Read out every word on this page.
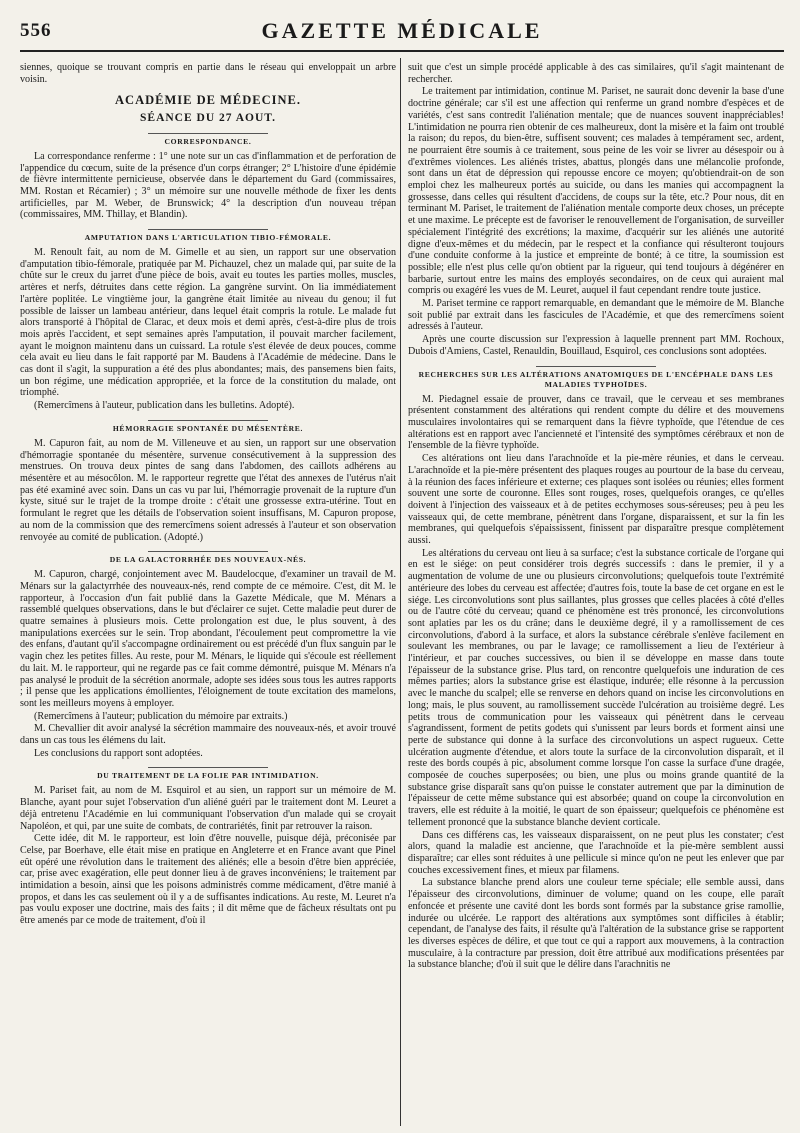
556	GAZETTE MÉDICALE

siennes, quoique se trouvant compris en partie dans le réseau qui enveloppait un arbre voisin.

ACADÉMIE DE MÉDECINE.
SÉANCE DU 27 AOUT.
CORRESPONDANCE.

La correspondance renferme : 1° une note sur un cas d'inflammation et de perforation de l'appendice du cœcum, suite de la présence d'un corps étranger; 2° L'histoire d'une épidémie de fièvre intermittente pernicieuse, observée dans le département du Gard (commissaires, MM. Rostan et Récamier) ; 3° un mémoire sur une nouvelle méthode de fixer les dents artificielles, par M. Weber, de Brunswick; 4° la description d'un nouveau trépan (commissaires, MM. Thillay, et Blandin).

AMPUTATION DANS L'ARTICULATION TIBIO-FÉMORALE.

M. Renoult fait, au nom de M. Gimelle et au sien, un rapport sur une observation d'amputation tibio-fémorale, pratiquée par M. Pichauzel, chez un malade qui, par suite de la chûte sur le creux du jarret d'une pièce de bois, avait eu toutes les parties molles, muscles, artères et nerfs, détruites dans cette région. La gangrène survint. On lia immédiatement l'artère poplitée. Le vingtième jour, la gangrène était limitée au niveau du genou; il fut possible de laisser un lambeau antérieur, dans lequel était compris la rotule. Le malade fut alors transporté à l'hôpital de Clarac, et deux mois et demi après, c'est-à-dire plus de trois mois après l'accident, et sept semaines après l'amputation, il pouvait marcher facilement, ayant le moignon maintenu dans un cuissard. La rotule s'est élevée de deux pouces, comme cela avait eu lieu dans le fait rapporté par M. Baudens à l'Académie de médecine. Dans le cas dont il s'agit, la suppuration a été des plus abondantes; mais, des pansemens bien faits, un bon régime, une médication appropriée, et la force de la constitution du malade, ont triomphé.

(Remercîmens à l'auteur, publication dans les bulletins. Adopté).

HÉMORRAGIE SPONTANÉE DU MÉSENTÈRE.

M. Capuron fait, au nom de M. Villeneuve et au sien, un rapport sur une observation d'hémorragie spontanée du mésentère, survenue consécutivement à la suppression des menstrues. On trouva deux pintes de sang dans l'abdomen, des caillots adhérens au mésentère et au mésocôlon. M. le rapporteur regrette que l'état des annexes de l'utérus n'ait pas été examiné avec soin. Dans un cas vu par lui, l'hémorragie provenait de la rupture d'un kyste, situé sur le trajet de la trompe droite : c'était une grossesse extra-utérine. Tout en formulant le regret que les détails de l'observation soient insuffisans, M. Capuron propose, au nom de la commission que des remercîmens soient adressés à l'auteur et son observation renvoyée au comité de publication. (Adopté.)

DE LA GALACTORRHÉE DES NOUVEAUX-NÉS.

M. Capuron, chargé, conjointement avec M. Baudelocque, d'examiner un travail de M. Ménars sur la galactyrrhée des nouveaux-nés, rend compte de ce mémoire. C'est, dit M. le rapporteur, à l'occasion d'un fait publié dans la Gazette Médicale, que M. Ménars a rassemblé quelques observations, dans le but d'éclairer ce sujet. Cette maladie peut durer de quatre semaines à plusieurs mois. Cette prolongation est due, le plus souvent, à des manipulations exercées sur le sein. Trop abondant, l'écoulement peut compromettre la vie des enfans, d'autant qu'il s'accompagne ordinairement ou est précédé d'un flux sanguin par le vagin chez les petites filles. Au reste, pour M. Ménars, le liquide qui s'écoule est réellement du lait. M. le rapporteur, qui ne regarde pas ce fait comme démontré, puisque M. Ménars n'a pas analysé le produit de la sécrétion anormale, adopte ses idées sous tous les autres rapports ; il pense que les applications émollientes, l'éloignement de toute excitation des mamelons, sont les meilleurs moyens à employer.

(Remercîmens à l'auteur; publication du mémoire par extraits.)

M. Chevallier dit avoir analysé la sécrétion mammaire des nouveaux-nés, et avoir trouvé dans un cas tous les élémens du lait.

Les conclusions du rapport sont adoptées.

DU TRAITEMENT DE LA FOLIE PAR INTIMIDATION.

M. Pariset fait, au nom de M. Esquirol et au sien, un rapport sur un mémoire de M. Blanche, ayant pour sujet l'observation d'un aliéné guéri par le traitement dont M. Leuret a déjà entretenu l'Académie en lui communiquant l'observation d'un malade qui se croyait Napoléon, et qui, par une suite de combats, de contrariétés, finit par retrouver la raison.

Cette idée, dit M. le rapporteur, est loin d'être nouvelle, puisque déjà, préconisée par Celse, par Boerhave, elle était mise en pratique en Angleterre et en France avant que Pinel eût opéré une révolution dans le traitement des aliénés; elle a besoin d'être bien appréciée, car, prise avec exagération, elle peut donner lieu à de graves inconvéniens; le traitement par intimidation a besoin, ainsi que les poisons administrés comme médicament, d'être manié à propos, et dans les cas seulement où il y a de suffisantes indications. Au reste, M. Leuret n'a pas voulu exposer une doctrine, mais des faits ; il dit même que de fâcheux résultats ont pu être amenés par ce mode de traitement, d'où il

suit que c'est un simple procédé applicable à des cas similaires, qu'il s'agit maintenant de rechercher.

Le traitement par intimidation, continue M. Pariset, ne saurait donc devenir la base d'une doctrine générale; car s'il est une affection qui renferme un grand nombre d'espèces et de variétés, c'est sans contredit l'aliénation mentale; que de nuances souvent inappréciables! L'intimidation ne pourra rien obtenir de ces malheureux, dont la misère et la faim ont troublé la raison; du repos, du bien-être, suffisent souvent; ces malades à tempérament sec, ardent, ne pourraient être soumis à ce traitement, sous peine de les voir se livrer au désespoir ou à d'extrêmes violences. Les aliénés tristes, abattus, plongés dans une mélancolie profonde, sont dans un état de dépression qui repousse encore ce moyen; qu'obtiendrait-on de son emploi chez les malheureux portés au suicide, ou dans les manies qui accompagnent la grossesse, dans celles qui résultent d'accidens, de coups sur la tête, etc.? Pour nous, dit en terminant M. Pariset, le traitement de l'aliénation mentale comporte deux choses, un précepte et une maxime. Le précepte est de favoriser le renouvellement de l'organisation, de surveiller spécialement l'intégrité des excrétions; la maxime, d'acquérir sur les aliénés une autorité digne d'eux-mêmes et du médecin, par le respect et la confiance qui résulteront toujours d'une conduite conforme à la justice et empreinte de bonté; à ce titre, la soumission est possible; elle n'est plus celle qu'on obtient par la rigueur, qui tend toujours à dégénérer en barbarie, surtout entre les mains des employés secondaires, on de ceux qui auraient mal compris ou exagéré les vues de M. Leuret, auquel il faut cependant rendre toute justice.

M. Pariset termine ce rapport remarquable, en demandant que le mémoire de M. Blanche soit publié par extrait dans les fascicules de l'Académie, et que des remercîmens soient adressés à l'auteur.

Après une courte discussion sur l'expression à laquelle prennent part MM. Rochoux, Dubois d'Amiens, Castel, Renauldin, Bouillaud, Esquirol, ces conclusions sont adoptées.

RECHERCHES SUR LES ALTÉRATIONS ANATOMIQUES DE L'ENCÉPHALE DANS LES MALADIES TYPHOÏDES.

M. Piedagnel essaie de prouver, dans ce travail, que le cerveau et ses membranes présentent constamment des altérations qui rendent compte du délire et des mouvemens musculaires involontaires qui se remarquent dans la fièvre typhoïde, que l'étendue de ces altérations est en rapport avec l'ancienneté et l'intensité des symptômes cérébraux et non de l'ensemble de la fièvre typhoïde.

Ces altérations ont lieu dans l'arachnoïde et la pie-mère réunies, et dans le cerveau. L'arachnoïde et la pie-mère présentent des plaques rouges au pourtour de la base du cerveau, à la réunion des faces inférieure et externe; ces plaques sont isolées ou réunies; elles forment souvent une sorte de couronne. Elles sont rouges, roses, quelquefois oranges, ce qu'elles doivent à l'injection des vaisseaux et à de petites ecchymoses sous-séreuses; peu à peu les vaisseaux qui, de cette membrane, pénètrent dans l'organe, disparaissent, et sur la fin les membranes, qui quelquefois s'épaississent, finissent par disparaître presque complètement aussi.

Les altérations du cerveau ont lieu à sa surface; c'est la substance corticale de l'organe qui en est le siége: on peut considérer trois degrés successifs : dans le premier, il y a augmentation de volume de une ou plusieurs circonvolutions; quelquefois toute l'extrémité antérieure des lobes du cerveau est affectée; d'autres fois, toute la base de cet organe en est le siége. Les circonvolutions sont plus saillantes, plus grosses que celles placées à côté d'elles ou de l'autre côté du cerveau; quand ce phénomène est très prononcé, les circonvolutions sont aplaties par les os du crâne; dans le deuxième degré, il y a ramollissement de ces circonvolutions, d'abord à la surface, et alors la substance cérébrale s'enlève facilement en soulevant les membranes, ou par le lavage; ce ramollissement a lieu de l'extérieur à l'intérieur, et par couches successives, ou bien il se développe en masse dans toute l'épaisseur de la substance grise. Plus tard, on rencontre quelquefois une induration de ces mêmes parties; alors la substance grise est élastique, indurée; elle résonne à la percussion avec le manche du scalpel; elle se renverse en dehors quand on incise les circonvolutions en long; mais, le plus souvent, au ramollissement succède l'ulcération au troisième degré. Les petits trous de communication pour les vaisseaux qui pénètrent dans le cerveau s'agrandissent, forment de petits godets qui s'unissent par leurs bords et forment ainsi une perte de substance qui donne à la surface des circonvolutions un aspect rugueux. Cette ulcération augmente d'étendue, et alors toute la surface de la circonvolution disparaît, et il reste des bords coupés à pic, absolument comme lorsque l'on casse la surface d'une dragée, composée de couches superposées; ou bien, une plus ou moins grande quantité de la substance grise disparaît sans qu'on puisse le constater autrement que par la diminution de l'épaisseur de cette même substance qui est absorbée; quand on coupe la circonvolution en travers, elle est réduite à la moitié, le quart de son épaisseur; quelquefois ce phénomène est tellement prononcé que la substance blanche devient corticale.

Dans ces différens cas, les vaisseaux disparaissent, on ne peut plus les constater; c'est alors, quand la maladie est ancienne, que l'arachnoïde et la pie-mère semblent aussi disparaître; car elles sont réduites à une pellicule si mince qu'on ne peut les enlever que par couches excessivement fines, et mieux par filamens.

La substance blanche prend alors une couleur terne spéciale; elle semble aussi, dans l'épaisseur des circonvolutions, diminuer de volume; quand on les coupe, elle paraît enfoncée et présente une cavité dont les bords sont formés par la substance grise ramollie, indurée ou ulcérée. Le rapport des altérations aux symptômes sont difficiles à établir; cependant, de l'analyse des faits, il résulte qu'à l'altération de la substance grise se rapportent les diverses espèces de délire, et que tout ce qui a rapport aux mouvemens, à la contraction musculaire, à la contracture par pression, doit être attribué aux modifications présentées par la substance blanche; d'où il suit que le délire dans l'arachnitis ne
